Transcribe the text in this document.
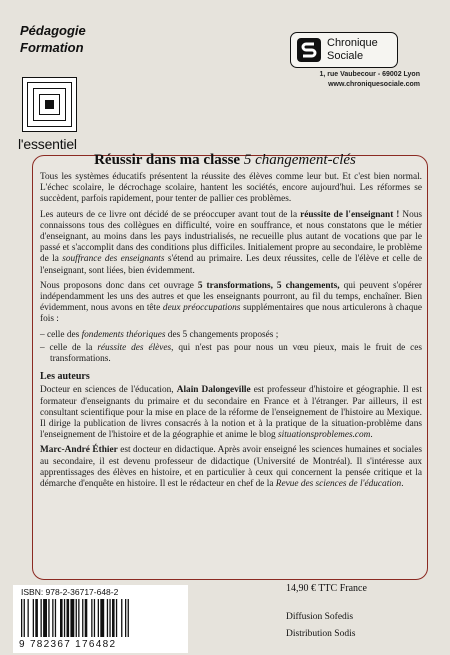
Pédagogie
Formation
l'essentiel
Chronique
Sociale
1, rue Vaubecour - 69002 Lyon
www.chroniquesociale.com
Réussir dans ma classe 5 changement-clés

Tous les systèmes éducatifs présentent la réussite des élèves comme leur but. Et c'est bien normal. L'échec scolaire, le décrochage scolaire, hantent les sociétés, encore aujourd'hui. Les réformes se succèdent, parfois rapidement, pour tenter de pallier ces problèmes.

Les auteurs de ce livre ont décidé de se préoccuper avant tout de la réussite de l'enseignant ! Nous connaissons tous des collègues en difficulté, voire en souffrance, et nous constatons que le métier d'enseignant, au moins dans les pays industrialisés, ne recueille plus autant de vocations que par le passé et s'accomplit dans des conditions plus difficiles. Initialement propre au secondaire, le problème de la souffrance des enseignants s'étend au primaire. Les deux réussites, celle de l'élève et celle de l'enseignant, sont liées, bien évidemment.

Nous proposons donc dans cet ouvrage 5 transformations, 5 changements, qui peuvent s'opérer indépendamment les uns des autres et que les enseignants pourront, au fil du temps, enchaîner. Bien évidemment, nous avons en tête deux préoccupations supplémentaires que nous articulerons à chaque fois :

– celle des fondements théoriques des 5 changements proposés ;
– celle de la réussite des élèves, qui n'est pas pour nous un vœu pieux, mais le fruit de ces transformations.
Les auteurs

Docteur en sciences de l'éducation, Alain Dalongeville est professeur d'histoire et géographie. Il est formateur d'enseignants du primaire et du secondaire en France et à l'étranger. Par ailleurs, il est consultant scientifique pour la mise en place de la réforme de l'enseignement de l'histoire au Mexique. Il dirige la publication de livres consacrés à la notion et à la pratique de la situation-problème dans l'enseignement de l'histoire et de la géographie et anime le blog situationsproblemes.com.

Marc-André Éthier est docteur en didactique. Après avoir enseigné les sciences humaines et sociales au secondaire, il est devenu professeur de didactique (Université de Montréal). Il s'intéresse aux apprentissages des élèves en histoire, et en particulier à ceux qui concernent la pensée critique et la démarche d'enquête en histoire. Il est le rédacteur en chef de la Revue des sciences de l'éducation.

ISBN: 978-2-36717-648-2
9 782367 176482
14,90 € TTC France
Diffusion Sofedis
Distribution Sodis
